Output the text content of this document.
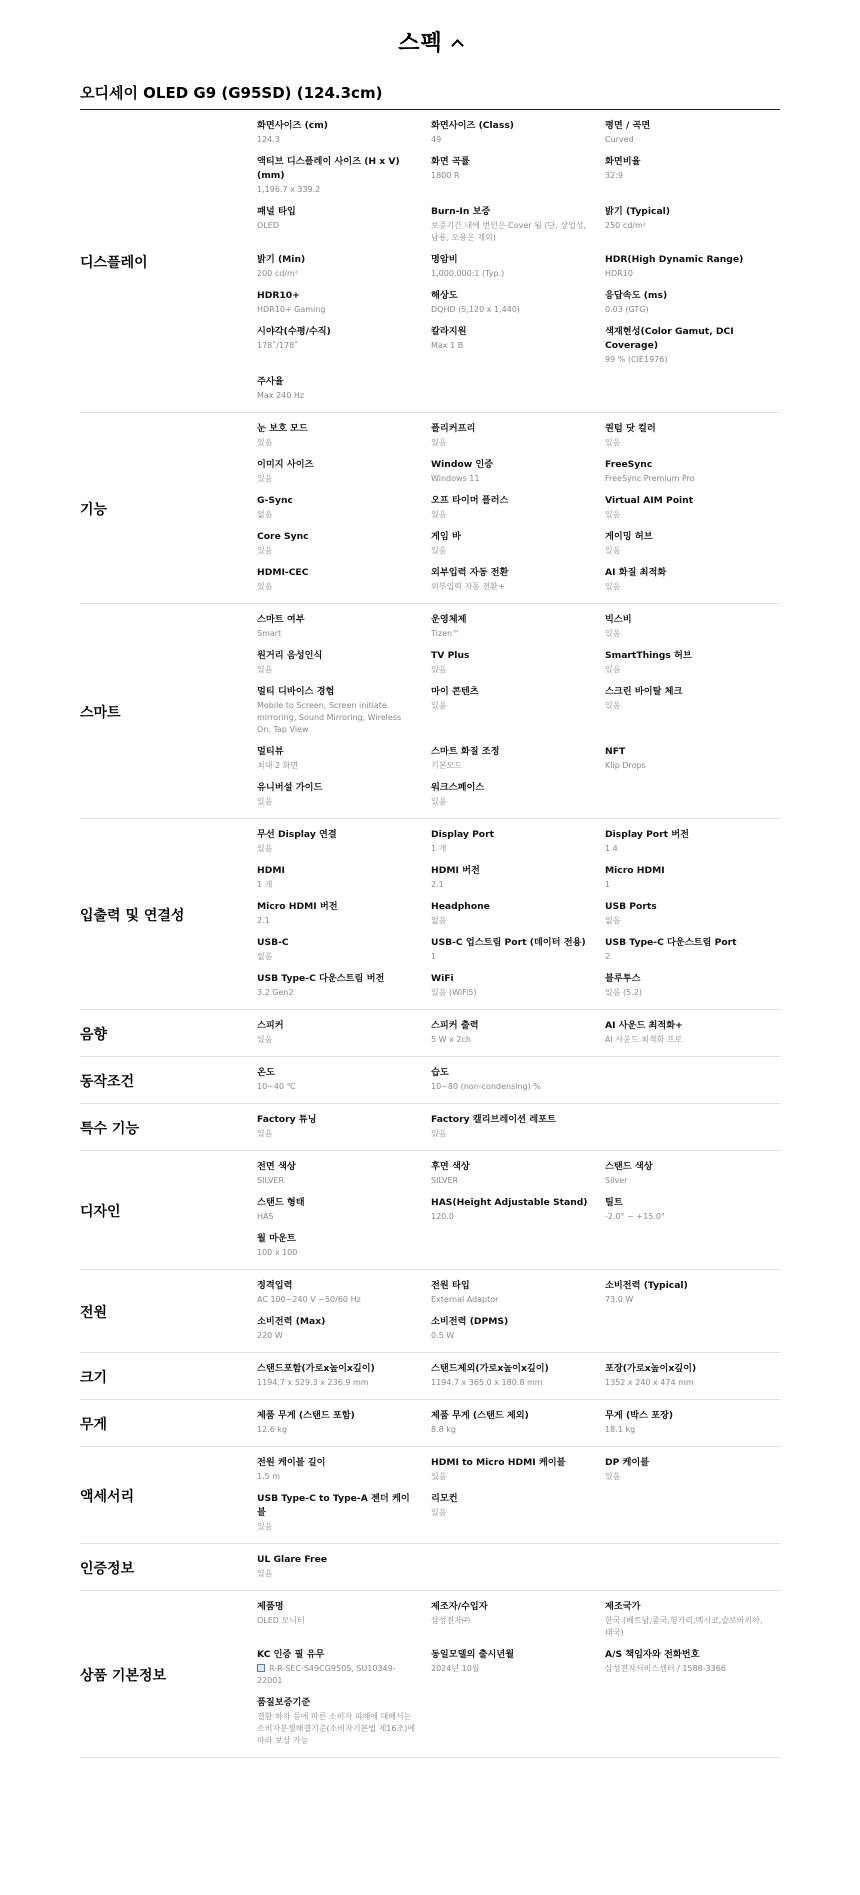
스펙
오디세이 OLED G9 (G95SD) (124.3cm)
디스플레이
화면사이즈 (cm)
124.3
화면사이즈 (Class)
49
평면 / 곡면
Curved
액티브 디스플레이 사이즈 (H x V) (mm)
1,196.7 x 339.2
화면 곡률
1800 R
화면비율
32:9
패널 타입
OLED
Burn-In 보증
보증기간 내에 번인은 Cover 됨 (단, 상업성, 남용, 오용은 제외)
밝기 (Typical)
250 cd/m²
밝기 (Min)
200 cd/m²
명암비
1,000,000:1 (Typ.)
HDR(High Dynamic Range)
HDR10
HDR10+
HDR10+ Gaming
해상도
DQHD (5,120 x 1,440)
응답속도 (ms)
0.03 (GTG)
시야각(수평/수직)
178˚/178˚
칼라지원
Max 1 B
색재현성(Color Gamut, DCI Coverage)
99 % (CIE1976)
주사율
Max 240 Hz
기능
눈 보호 모드
있음
플리커프리
있음
퀀텀 닷 컬러
있음
이미지 사이즈
있음
Window 인증
Windows 11
FreeSync
FreeSync Premium Pro
G-Sync
없음
오프 타이머 플러스
있음
Virtual AIM Point
있음
Core Sync
있음
게임 바
있음
게이밍 허브
있음
HDMI-CEC
있음
외부입력 자동 전환
외부입력 자동 전환+
AI 화질 최적화
있음
스마트
스마트 여부
Smart
운영체제
Tizen™
빅스비
있음
원거리 음성인식
있음
TV Plus
있음
SmartThings 허브
있음
멀티 디바이스 경험
Mobile to Screen, Screen initiate mirroring, Sound Mirroring, Wireless On, Tap View
마이 콘텐츠
있음
스크린 바이탈 체크
있음
멀티뷰
최대 2 화면
스마트 화질 조정
기본모드
NFT
Klip Drops
유니버설 가이드
있음
워크스페이스
있음
입출력 및 연결성
무선 Display 연결
있음
Display Port
1 개
Display Port 버전
1.4
HDMI
1 개
HDMI 버전
2.1
Micro HDMI
1
Micro HDMI 버전
2.1
Headphone
없음
USB Ports
없음
USB-C
없음
USB-C 업스트림 Port (데이터 전용)
1
USB Type-C 다운스트림 Port
2
USB Type-C 다운스트림 버전
3.2 Gen2
WiFi
있음 (WiFi5)
블루투스
있음 (5.2)
음향
스피커
있음
스피커 출력
5 W x 2ch
AI 사운드 최적화+
AI 사운드 최적화 프로
동작조건
온도
10~40 ℃
습도
10~80 (non-condensing) %
특수 기능
Factory 튜닝
있음
Factory 캘리브레이션 레포트
있음
디자인
전면 색상
SILVER
후면 색상
SILVER
스탠드 색상
Silver
스탠드 형태
HAS
HAS(Height Adjustable Stand)
120.0
틸트
-2.0° ~ +15.0°
월 마운트
100 x 100
전원
정격입력
AC 100~240 V ~50/60 Hz
전원 타입
External Adaptor
소비전력 (Typical)
73.0 W
소비전력 (Max)
220 W
소비전력 (DPMS)
0.5 W
크기
스탠드포함(가로x높이x깊이)
1194.7 x 529.3 x 236.9 mm
스탠드제외(가로x높이x깊이)
1194.7 x 365.0 x 180.8 mm
포장(가로x높이x깊이)
1352 x 240 x 474 mm
무게
제품 무게 (스탠드 포함)
12.6 kg
제품 무게 (스탠드 제외)
8.8 kg
무게 (박스 포장)
18.1 kg
액세서리
전원 케이블 길이
1.5 m
HDMI to Micro HDMI 케이블
있음
DP 케이블
있음
USB Type-C to Type-A 젠더 케이블
있음
리모컨
있음
인증정보
UL Glare Free
있음
상품 기본정보
제품명
OLED 모니터
제조자/수입자
삼성전자㈜
제조국가
한국 (베트남,중국,헝가리,멕시코,슬로바키아,태국)
KC 인증 필 유무
R-R-SEC-S49CG950S, SU10349-22001
동일모델의 출시년월
2024년 10월
A/S 책임자와 전화번호
삼성전자서비스센터 / 1588-3366
품질보증기준
결함·하자 등에 따른 소비자 피해에 대해서는 소비자분쟁해결기준(소비자기본법 제16조)에 따라 보상 가능
